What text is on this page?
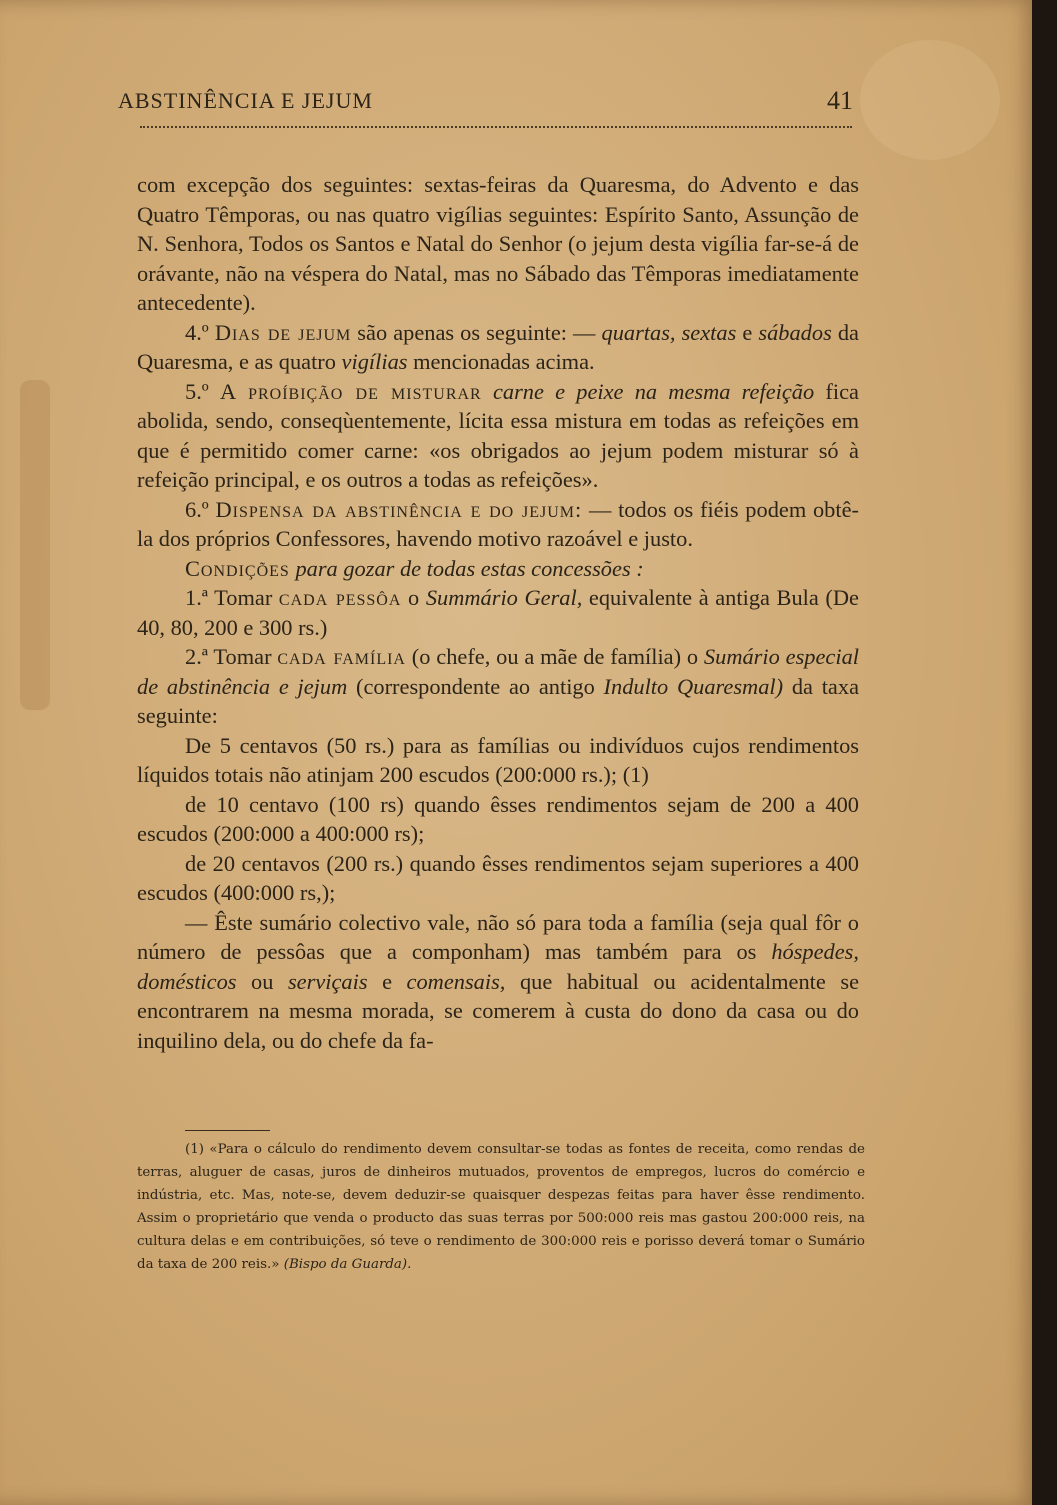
ABSTINÊNCIA E JEJUM	41

com excepção dos seguintes: sextas-feiras da Quaresma, do Advento e das Quatro Têmporas, ou nas quatro vigílias seguintes: Espírito Santo, Assunção de N. Senhora, Todos os Santos e Natal do Senhor (o jejum desta vigília far-se-á de orávante, não na véspera do Natal, mas no Sábado das Têmporas imediatamente antecedente).

4.º Dias de jejum são apenas os seguinte: — quartas, sextas e sábados da Quaresma, e as quatro vigílias mencionadas acima.

5.º A proíbição de misturar carne e peixe na mesma refeição fica abolida, sendo, conseqùentemente, lícita essa mistura em todas as refeições em que é permitido comer carne: «os obrigados ao jejum podem misturar só à refeição principal, e os outros a todas as refeições».

6.º Dispensa da abstinência e do jejum: — todos os fiéis podem obtê-la dos próprios Confessores, havendo motivo razoável e justo.

Condições para gozar de todas estas concessões :

1.ª Tomar cada pessôa o Summário Geral, equivalente à antiga Bula (De 40, 80, 200 e 300 rs.)

2.ª Tomar cada família (o chefe, ou a mãe de família) o Sumário especial de abstinência e jejum (correspondente ao antigo Indulto Quaresmal) da taxa seguinte:

De 5 centavos (50 rs.) para as famílias ou indivíduos cujos rendimentos líquidos totais não atinjam 200 escudos (200:000 rs.); (1)

de 10 centavo (100 rs) quando êsses rendimentos sejam de 200 a 400 escudos (200:000 a 400:000 rs);

de 20 centavos (200 rs.) quando êsses rendimentos sejam superiores a 400 escudos (400:000 rs,);

— Êste sumário colectivo vale, não só para toda a família (seja qual fôr o número de pessôas que a componham) mas também para os hóspedes, domésticos ou serviçais e comensais, que habitual ou acidentalmente se encontrarem na mesma morada, se comerem à custa do dono da casa ou do inquilino dela, ou do chefe da fa-

(1) «Para o cálculo do rendimento devem consultar-se todas as fontes de receita, como rendas de terras, aluguer de casas, juros de dinheiros mutuados, proventos de empregos, lucros do comércio e indústria, etc. Mas, note-se, devem deduzir-se quaisquer despezas feitas para haver êsse rendimento. Assim o proprietário que venda o producto das suas terras por 500:000 reis mas gastou 200:000 reis, na cultura delas e em contribuições, só teve o rendimento de 300:000 reis e porisso deverá tomar o Sumário da taxa de 200 reis.» (Bispo da Guarda).
